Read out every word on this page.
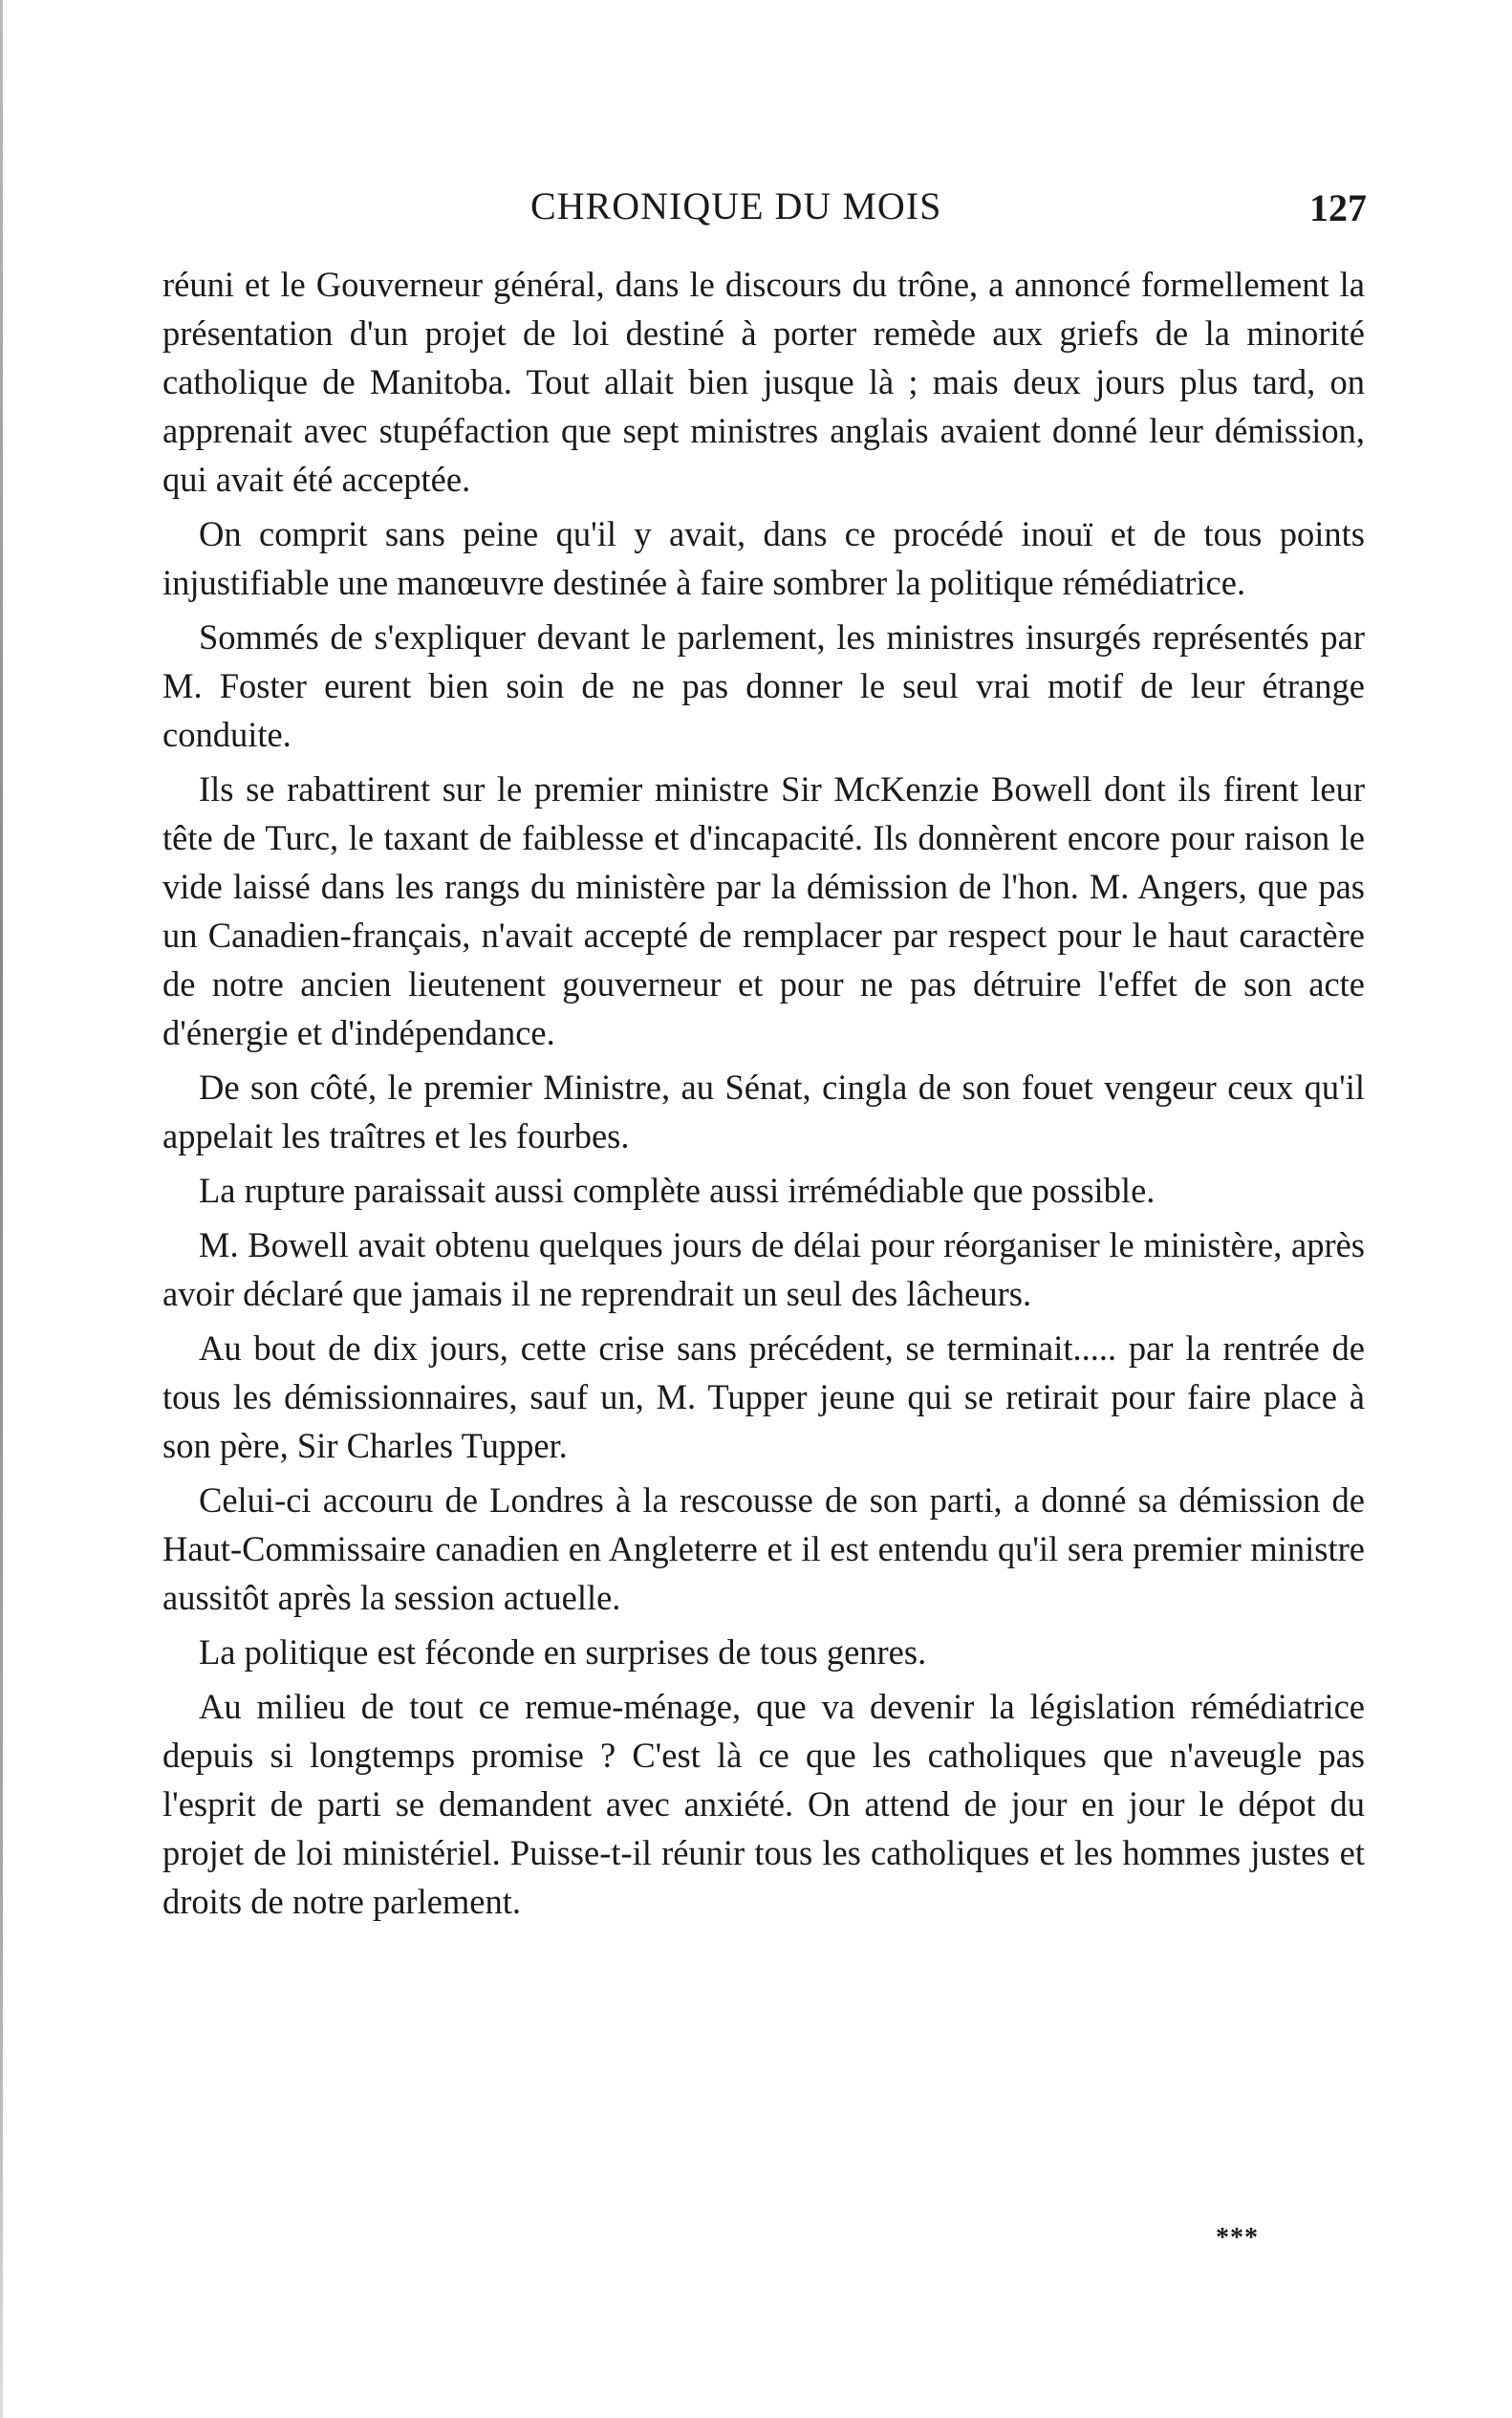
CHRONIQUE DU MOIS	127

réuni et le Gouverneur général, dans le discours du trône, a annoncé formellement la présentation d'un projet de loi destiné à porter remède aux griefs de la minorité catholique de Manitoba. Tout allait bien jusque là ; mais deux jours plus tard, on apprenait avec stupéfaction que sept ministres anglais avaient donné leur démission, qui avait été acceptée.

On comprit sans peine qu'il y avait, dans ce procédé inouï et de tous points injustifiable une manœuvre destinée à faire sombrer la politique rémédiatrice.

Sommés de s'expliquer devant le parlement, les ministres insurgés représentés par M. Foster eurent bien soin de ne pas donner le seul vrai motif de leur étrange conduite.

Ils se rabattirent sur le premier ministre Sir McKenzie Bowell dont ils firent leur tête de Turc, le taxant de faiblesse et d'incapacité. Ils donnèrent encore pour raison le vide laissé dans les rangs du ministère par la démission de l'hon. M. Angers, que pas un Canadien-français, n'avait accepté de remplacer par respect pour le haut caractère de notre ancien lieutenent gouverneur et pour ne pas détruire l'effet de son acte d'énergie et d'indépendance.

De son côté, le premier Ministre, au Sénat, cingla de son fouet vengeur ceux qu'il appelait les traîtres et les fourbes.

La rupture paraissait aussi complète aussi irrémédiable que possible.

M. Bowell avait obtenu quelques jours de délai pour réorganiser le ministère, après avoir déclaré que jamais il ne reprendrait un seul des lâcheurs.

Au bout de dix jours, cette crise sans précédent, se terminait..... par la rentrée de tous les démissionnaires, sauf un, M. Tupper jeune qui se retirait pour faire place à son père, Sir Charles Tupper.

Celui-ci accouru de Londres à la rescousse de son parti, a donné sa démission de Haut-Commissaire canadien en Angleterre et il est entendu qu'il sera premier ministre aussitôt après la session actuelle.

La politique est féconde en surprises de tous genres.

Au milieu de tout ce remue-ménage, que va devenir la législation rémédiatrice depuis si longtemps promise ? C'est là ce que les catholiques que n'aveugle pas l'esprit de parti se demandent avec anxiété. On attend de jour en jour le dépot du projet de loi ministériel. Puisse-t-il réunir tous les catholiques et les hommes justes et droits de notre parlement.

***
